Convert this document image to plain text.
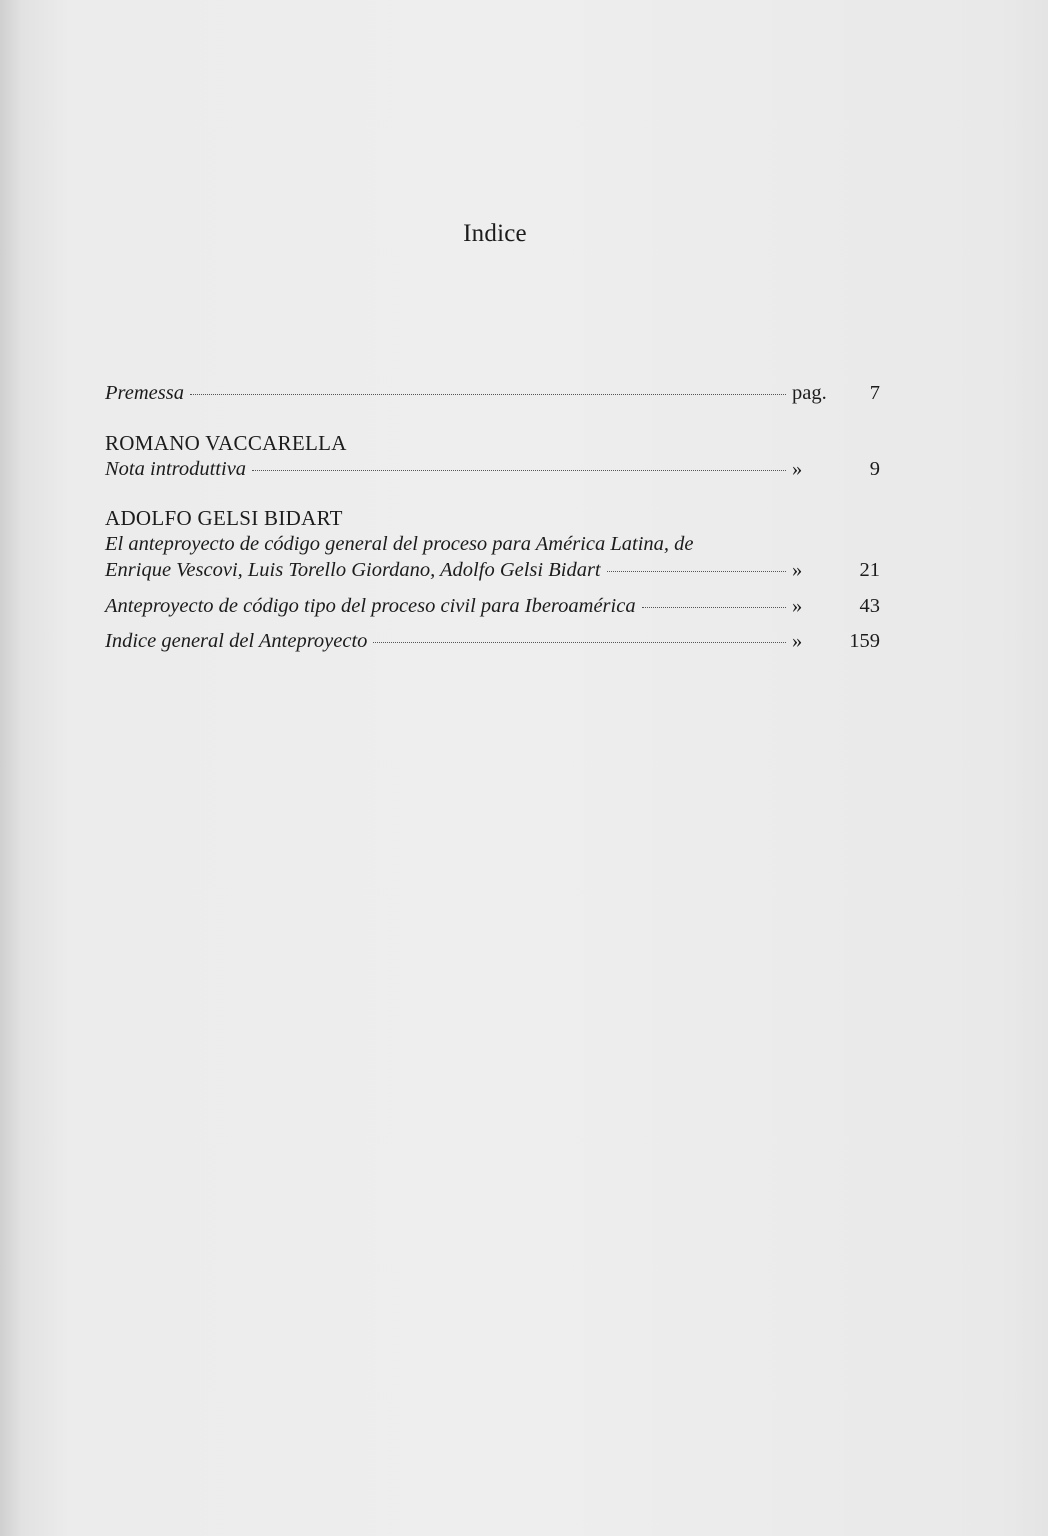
Indice
Premessa	pag.	7
ROMANO VACCARELLA
Nota introduttiva	»	9
ADOLFO GELSI BIDART
El anteproyecto de código general del proceso para América Latina, de
Enrique Vescovi, Luis Torello Giordano, Adolfo Gelsi Bidart	»	21
Anteproyecto de código tipo del proceso civil para Iberoamérica	»	43
Indice general del Anteproyecto	»	159
